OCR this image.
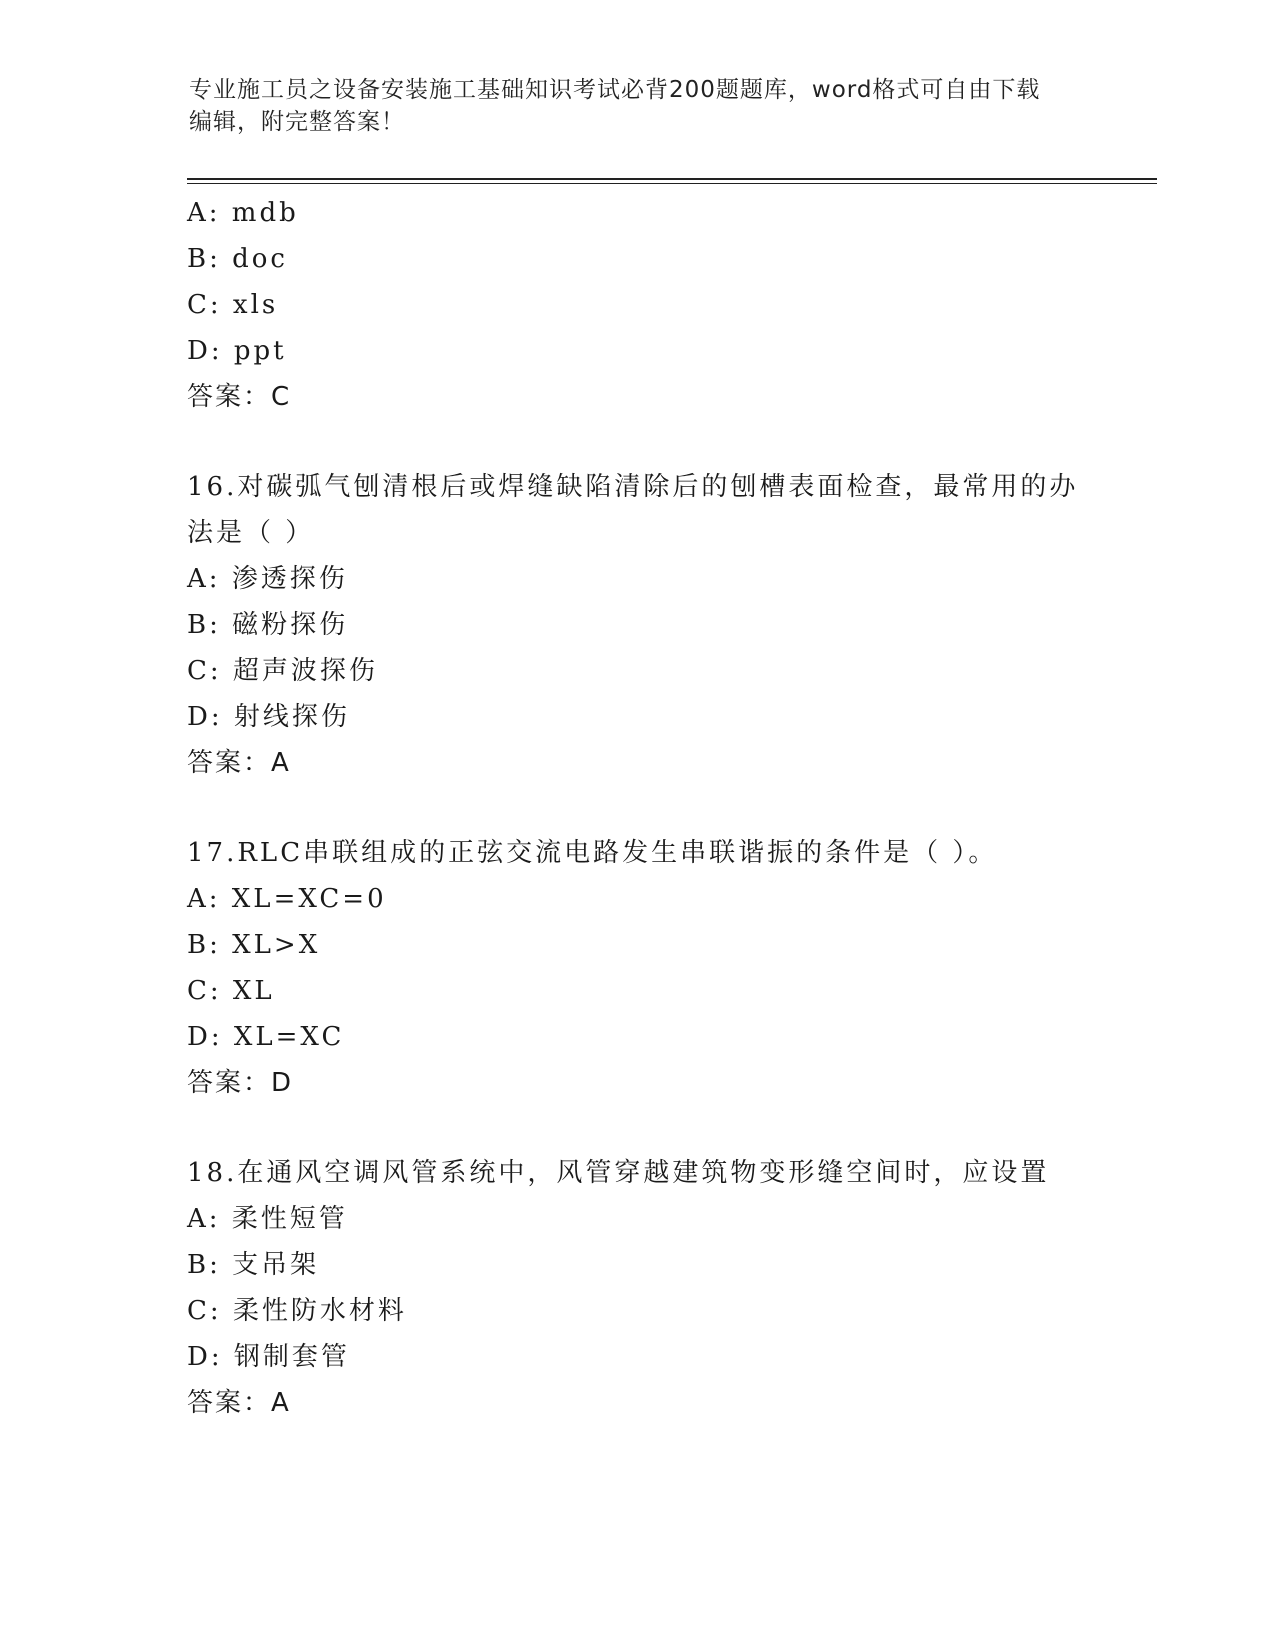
专业施工员之设备安装施工基础知识考试必背200题题库，word格式可自由下载
编辑，附完整答案！
A: mdb
B: doc
C: xls
D: ppt
答案：C
16.对碳弧气刨清根后或焊缝缺陷清除后的刨槽表面检查，最常用的办
法是（ ）
A: 渗透探伤
B: 磁粉探伤
C: 超声波探伤
D: 射线探伤
答案：A
17.RLC串联组成的正弦交流电路发生串联谐振的条件是（ ）。
A: XL=XC=0
B: XL>X
C: XL
D: XL=XC
答案：D
18.在通风空调风管系统中，风管穿越建筑物变形缝空间时，应设置
A: 柔性短管
B: 支吊架
C: 柔性防水材料
D: 钢制套管
答案：A
